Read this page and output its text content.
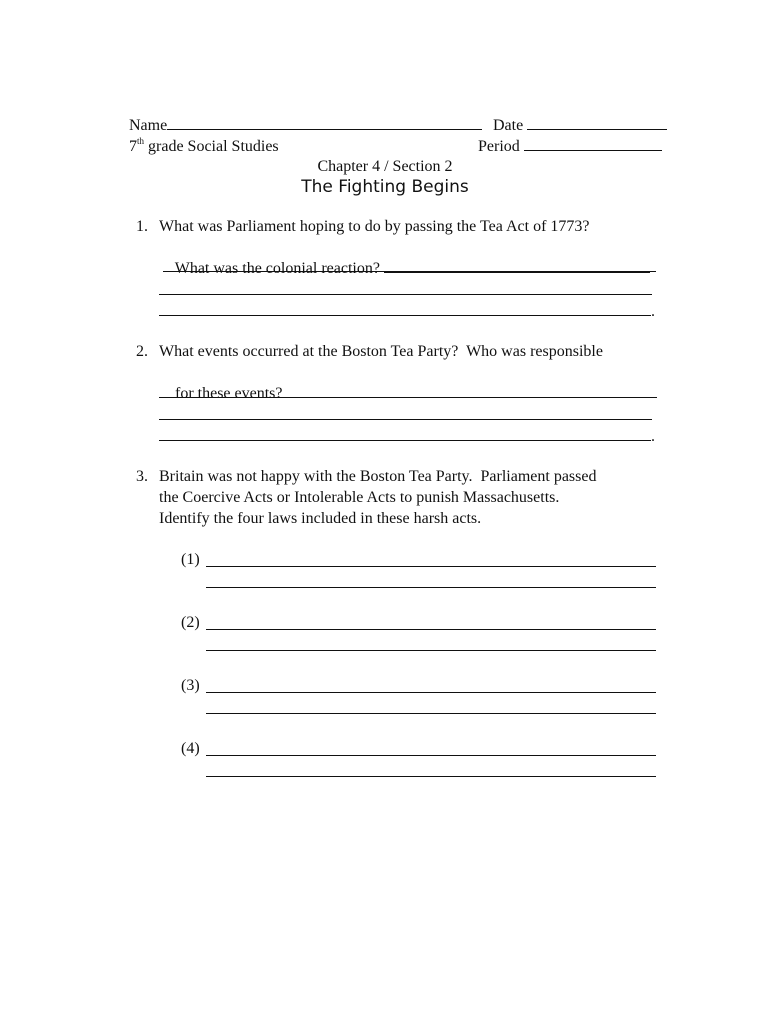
Name
	Date

7th grade Social Studies
	Period

Chapter 4 / Section 2
The Fighting Begins
1. What was Parliament hoping to do by passing the Tea Act of 1773?

What was the colonial reaction?

.
2. What events occurred at the Boston Tea Party?  Who was responsible

for these events?

.
3. Britain was not happy with the Boston Tea Party.  Parliament passed
the Coercive Acts or Intolerable Acts to punish Massachusetts.
Identify the four laws included in these harsh acts.
(1)
(2)
(3)
(4)
